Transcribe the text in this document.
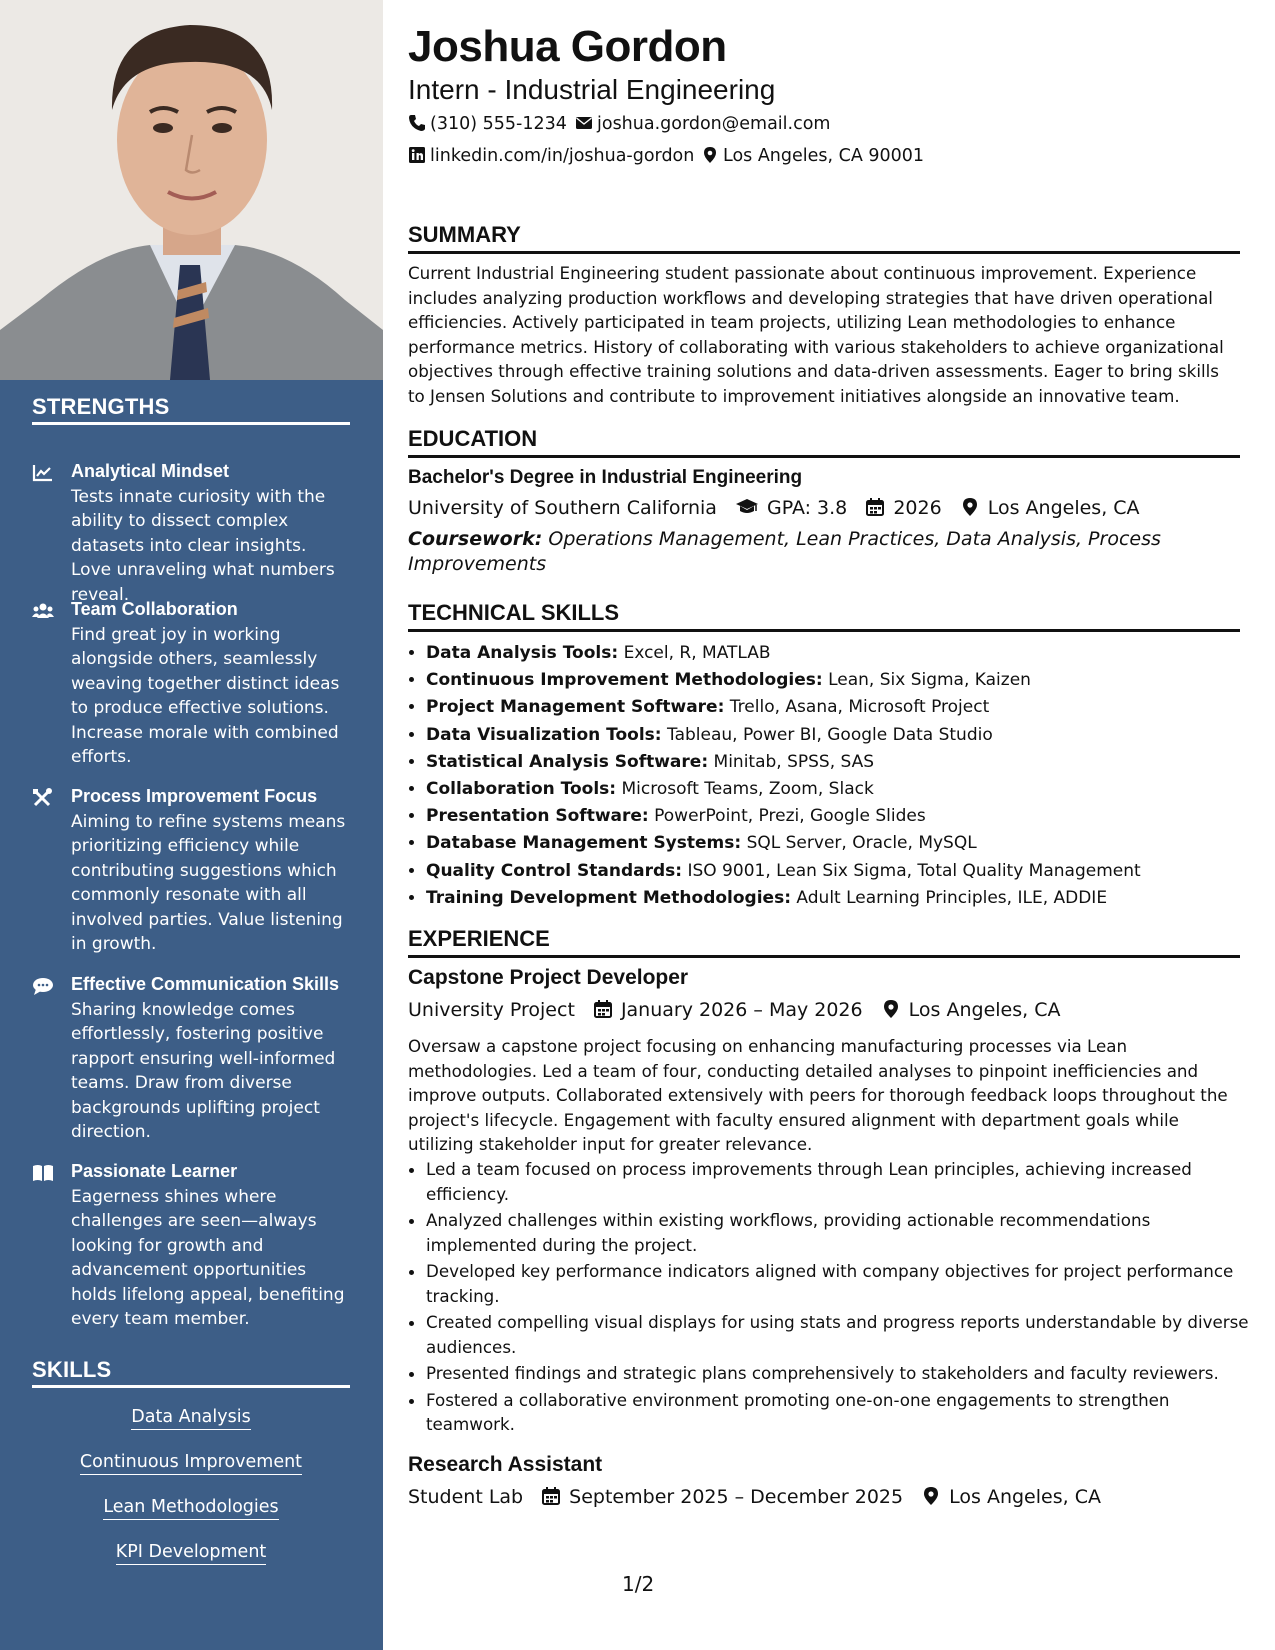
STRENGTHS
Analytical Mindset
Tests innate curiosity with the ability to dissect complex datasets into clear insights. Love unraveling what numbers reveal.
Team Collaboration
Find great joy in working alongside others, seamlessly weaving together distinct ideas to produce effective solutions. Increase morale with combined efforts.
Process Improvement Focus
Aiming to refine systems means prioritizing efficiency while contributing suggestions which commonly resonate with all involved parties. Value listening in growth.
Effective Communication Skills
Sharing knowledge comes effortlessly, fostering positive rapport ensuring well-informed teams. Draw from diverse backgrounds uplifting project direction.
Passionate Learner
Eagerness shines where challenges are seen—always looking for growth and advancement opportunities holds lifelong appeal, benefiting every team member.
SKILLS
Data Analysis
Continuous Improvement
Lean Methodologies
KPI Development
Joshua Gordon
Intern - Industrial Engineering
(310) 555-1234	joshua.gordon@email.com
linkedin.com/in/joshua-gordon	Los Angeles, CA 90001
SUMMARY
Current Industrial Engineering student passionate about continuous improvement. Experience includes analyzing production workflows and developing strategies that have driven operational efficiencies. Actively participated in team projects, utilizing Lean methodologies to enhance performance metrics. History of collaborating with various stakeholders to achieve organizational objectives through effective training solutions and data-driven assessments. Eager to bring skills to Jensen Solutions and contribute to improvement initiatives alongside an innovative team.
EDUCATION
Bachelor's Degree in Industrial Engineering
University of Southern California	GPA: 3.8 2026 Los Angeles, CA
Coursework: Operations Management, Lean Practices, Data Analysis, Process Improvements
TECHNICAL SKILLS
• Data Analysis Tools: Excel, R, MATLAB
• Continuous Improvement Methodologies: Lean, Six Sigma, Kaizen
• Project Management Software: Trello, Asana, Microsoft Project
• Data Visualization Tools: Tableau, Power BI, Google Data Studio
• Statistical Analysis Software: Minitab, SPSS, SAS
• Collaboration Tools: Microsoft Teams, Zoom, Slack
• Presentation Software: PowerPoint, Prezi, Google Slides
• Database Management Systems: SQL Server, Oracle, MySQL
• Quality Control Standards: ISO 9001, Lean Six Sigma, Total Quality Management
• Training Development Methodologies: Adult Learning Principles, ILE, ADDIE
EXPERIENCE
Capstone Project Developer
University Project January 2026 – May 2026 Los Angeles, CA
Oversaw a capstone project focusing on enhancing manufacturing processes via Lean methodologies. Led a team of four, conducting detailed analyses to pinpoint inefficiencies and improve outputs. Collaborated extensively with peers for thorough feedback loops throughout the project's lifecycle. Engagement with faculty ensured alignment with department goals while utilizing stakeholder input for greater relevance.
• Led a team focused on process improvements through Lean principles, achieving increased efficiency.
• Analyzed challenges within existing workflows, providing actionable recommendations implemented during the project.
• Developed key performance indicators aligned with company objectives for project performance tracking.
• Created compelling visual displays for using stats and progress reports understandable by diverse audiences.
• Presented findings and strategic plans comprehensively to stakeholders and faculty reviewers.
• Fostered a collaborative environment promoting one-on-one engagements to strengthen teamwork.
Research Assistant
Student Lab September 2025 – December 2025 Los Angeles, CA
1/2
